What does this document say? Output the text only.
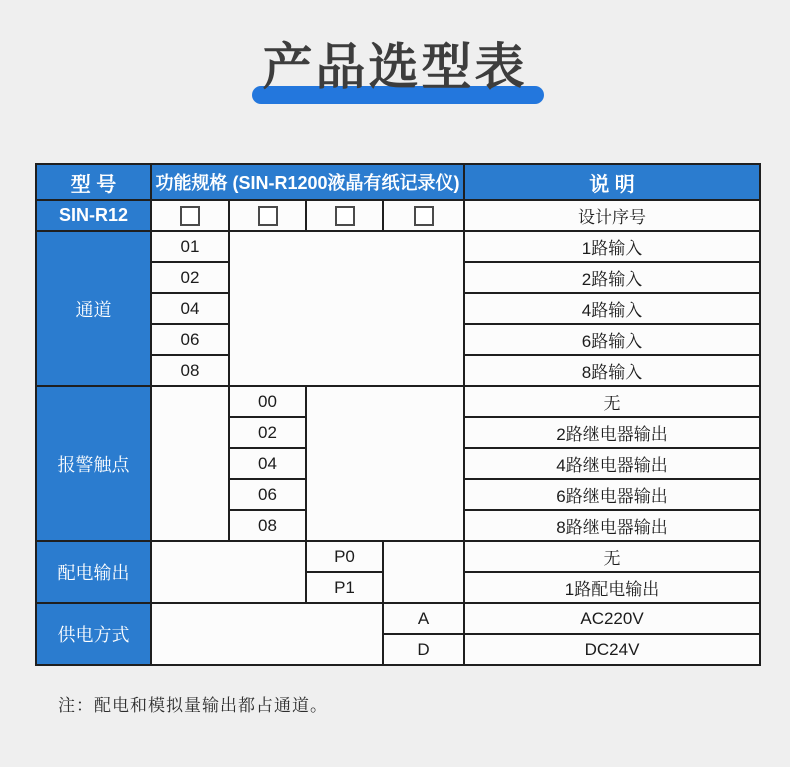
产品选型表
型 号	功能规格 (SIN-R1200液晶有纸记录仪)				说 明
SIN-R12					设计序号
通道	01				1路输入
	02				2路输入
	04				4路输入
	06				6路输入
	08				8路输入
报警触点		00			无
		02			2路继电器输出
		04			4路继电器输出
		06			6路继电器输出
		08			8路继电器输出
配电输出			P0		无
			P1		1路配电输出
供电方式				A	AC220V
				D	DC24V
注：配电和模拟量输出都占通道。
